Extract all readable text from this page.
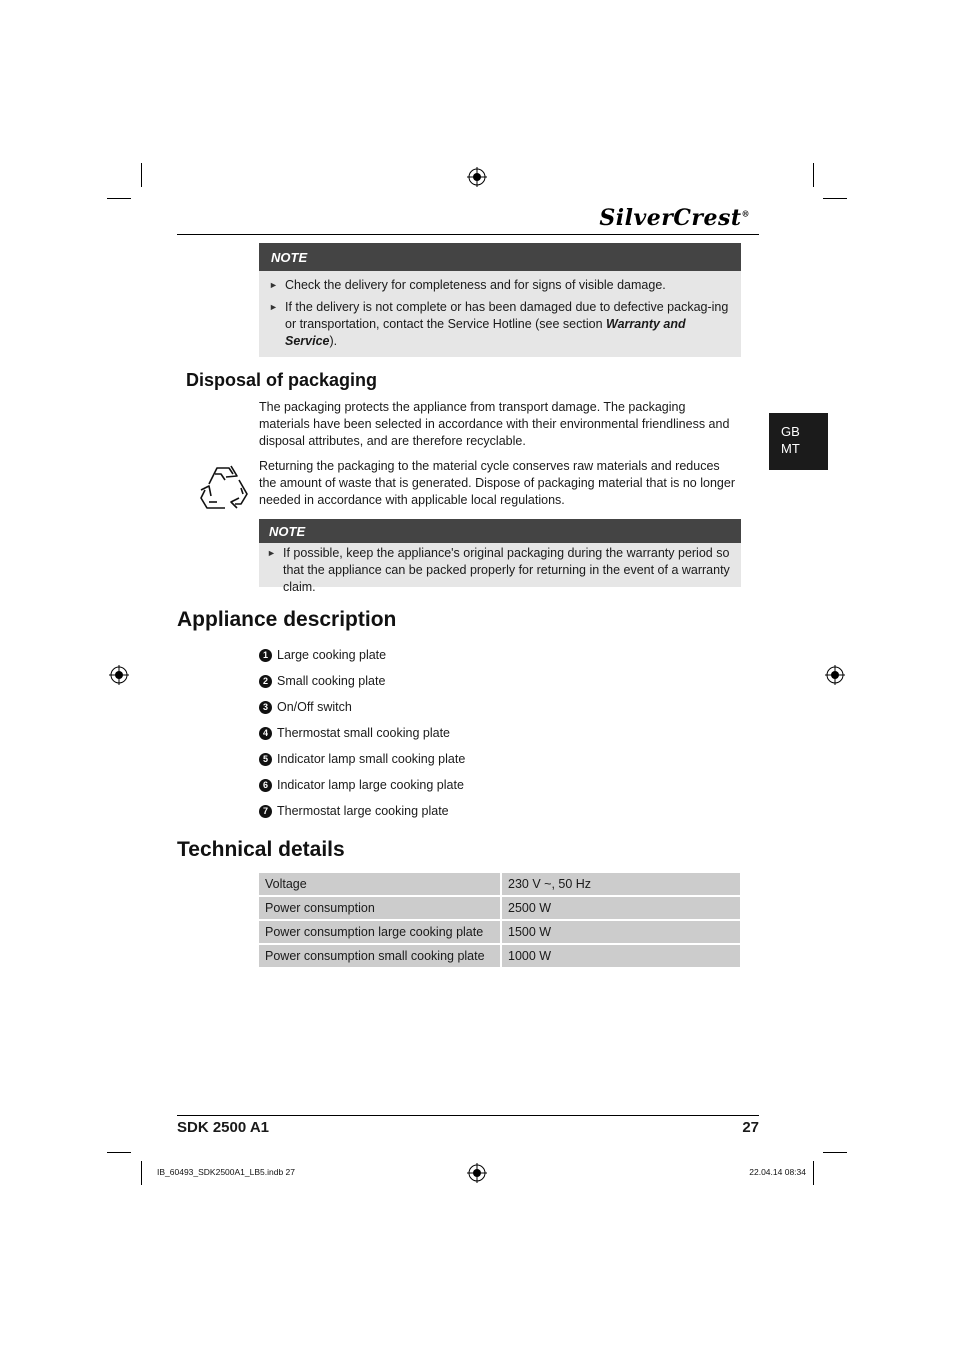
SilverCrest®
GB
MT
NOTE
► Check the delivery for completeness and for signs of visible damage.
► If the delivery is not complete or has been damaged due to defective packag-ing or transportation, contact the Service Hotline (see section Warranty and Service).
Disposal of packaging
The packaging protects the appliance from transport damage. The packaging materials have been selected in accordance with their environmental friendliness and disposal attributes, and are therefore recyclable.
Returning the packaging to the material cycle conserves raw materials and reduces the amount of waste that is generated. Dispose of packaging material that is no longer needed in accordance with applicable local regulations.
NOTE
► If possible, keep the appliance's original packaging during the warranty period so that the appliance can be packed properly for returning in the event of a warranty claim.
Appliance description
1 Large cooking plate
2 Small cooking plate
3 On/Off switch
4 Thermostat small cooking plate
5 Indicator lamp small cooking plate
6 Indicator lamp large cooking plate
7 Thermostat large cooking plate
Technical details
Voltage	230 V ~, 50 Hz
Power consumption	2500 W
Power consumption large cooking plate	1500 W
Power consumption small cooking plate	1000 W
SDK 2500 A1	27
IB_60493_SDK2500A1_LB5.indb 27	22.04.14 08:34
